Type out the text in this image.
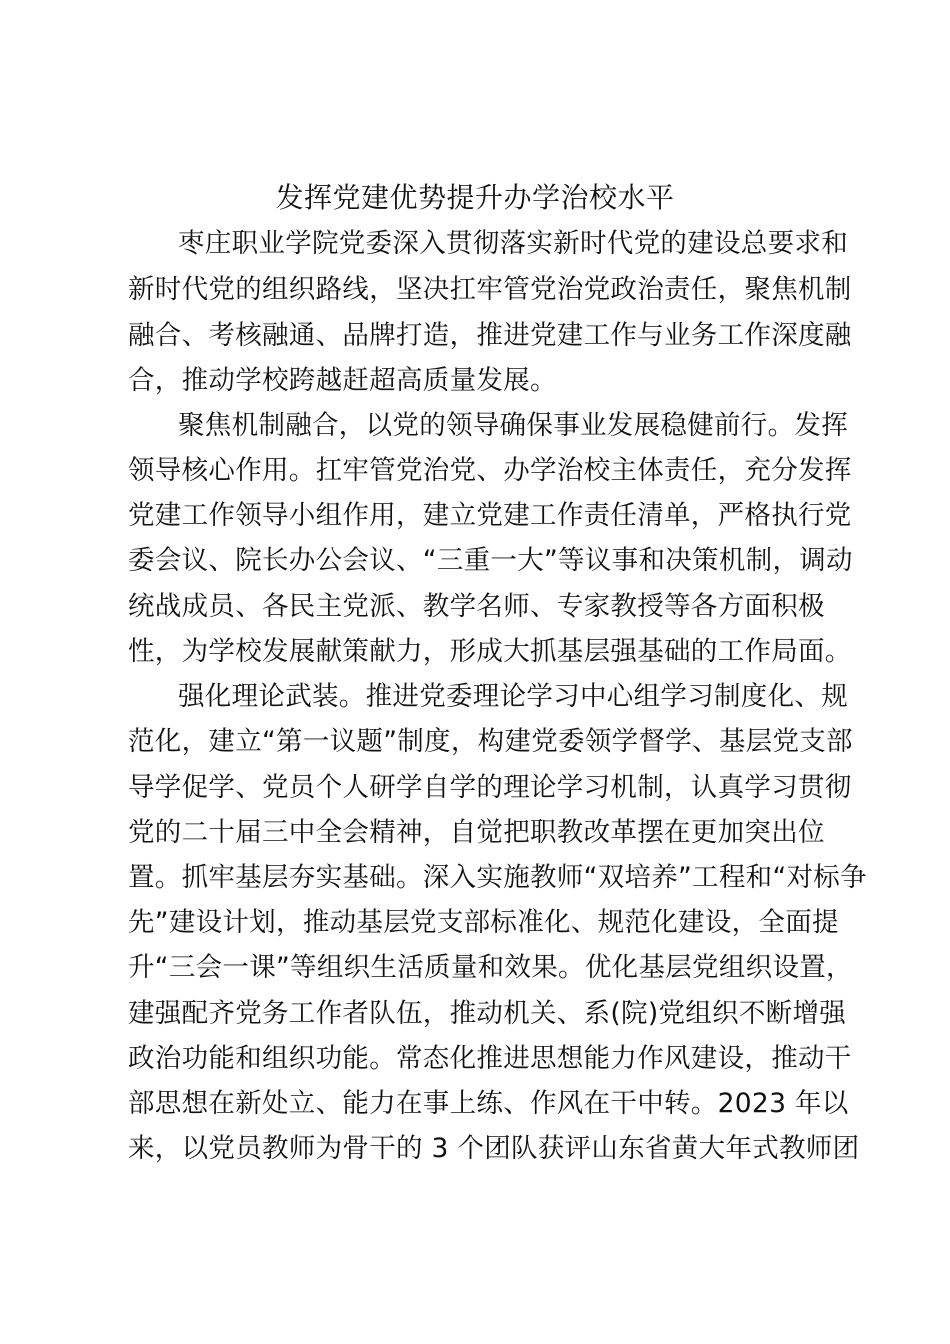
发挥党建优势提升办学治校水平
枣庄职业学院党委深入贯彻落实新时代党的建设总要求和
新时代党的组织路线，坚决扛牢管党治党政治责任，聚焦机制
融合、考核融通、品牌打造，推进党建工作与业务工作深度融
合，推动学校跨越赶超高质量发展。
聚焦机制融合，以党的领导确保事业发展稳健前行。发挥
领导核心作用。扛牢管党治党、办学治校主体责任，充分发挥
党建工作领导小组作用，建立党建工作责任清单，严格执行党
委会议、院长办公会议、“三重一大”等议事和决策机制，调动
统战成员、各民主党派、教学名师、专家教授等各方面积极
性，为学校发展献策献力，形成大抓基层强基础的工作局面。
强化理论武装。推进党委理论学习中心组学习制度化、规
范化，建立“第一议题”制度，构建党委领学督学、基层党支部
导学促学、党员个人研学自学的理论学习机制，认真学习贯彻
党的二十届三中全会精神，自觉把职教改革摆在更加突出位
置。抓牢基层夯实基础。深入实施教师“双培养”工程和“对标争
先”建设计划，推动基层党支部标准化、规范化建设，全面提
升“三会一课”等组织生活质量和效果。优化基层党组织设置，
建强配齐党务工作者队伍，推动机关、系(院)党组织不断增强
政治功能和组织功能。常态化推进思想能力作风建设，推动干
部思想在新处立、能力在事上练、作风在干中转。2023 年以
来，以党员教师为骨干的 3 个团队获评山东省黄大年式教师团
